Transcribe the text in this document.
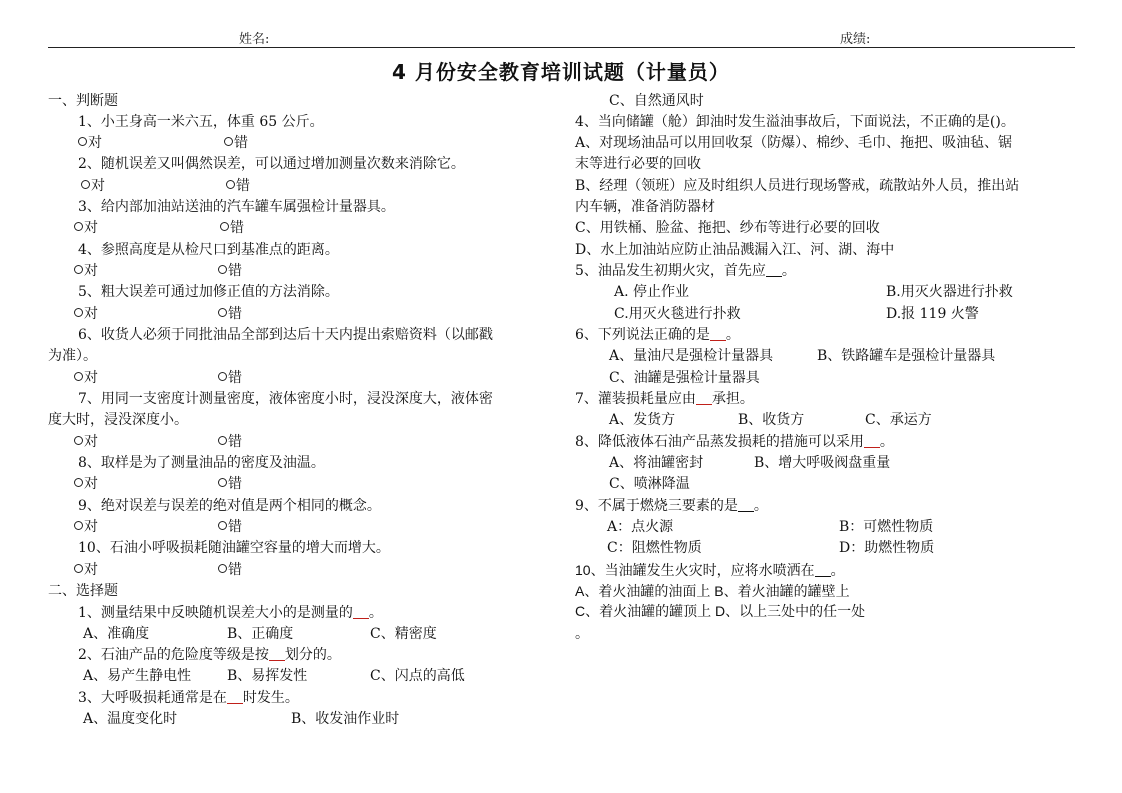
姓名:	成绩:
4 月份安全教育培训试题（计量员）
一、判断题
1、小王身高一米六五，体重 65 公斤。
对	错
2、随机误差又叫偶然误差，可以通过增加测量次数来消除它。
对	错
3、给内部加油站送油的汽车罐车属强检计量器具。
对	错
4、参照高度是从检尺口到基准点的距离。
对	错
5、粗大误差可通过加修正值的方法消除。
对	错
6、收货人必须于同批油品全部到达后十天内提出索赔资料（以邮戳
为准）。
对	错
7、用同一支密度计测量密度，液体密度小时，浸没深度大，液体密
度大时，浸没深度小。
对	错
8、取样是为了测量油品的密度及油温。
对	错
9、绝对误差与误差的绝对值是两个相同的概念。
对	错
10、石油小呼吸损耗随油罐空容量的增大而增大。
对	错
二、选择题
1、测量结果中反映随机误差大小的是测量的 。
A、准确度	B、正确度	C、精密度
2、石油产品的危险度等级是按 划分的。
A、易产生静电性	B、易挥发性	C、闪点的高低
3、大呼吸损耗通常是在 时发生。
A、温度变化时	B、收发油作业时
C、自然通风时
4、当向储罐（舱）卸油时发生溢油事故后，下面说法，不正确的是()。
A、对现场油品可以用回收泵（防爆）、棉纱、毛巾、拖把、吸油毡、锯
末等进行必要的回收
B、经理（领班）应及时组织人员进行现场警戒，疏散站外人员，推出站
内车辆，准备消防器材
C、用铁桶、脸盆、拖把、纱布等进行必要的回收
D、水上加油站应防止油品溅漏入江、河、湖、海中
5、油品发生初期火灾，首先应 。
A. 停止作业	B.用灭火器进行扑救
C.用灭火毯进行扑救	D.报 119 火警
6、下列说法正确的是 。
A、量油尺是强检计量器具	B、铁路罐车是强检计量器具
C、油罐是强检计量器具
7、灌装损耗量应由 承担。
A、发货方	B、收货方	C、承运方
8、降低液体石油产品蒸发损耗的措施可以采用 。
A、将油罐密封	B、增大呼吸阀盘重量
C、喷淋降温
9、不属于燃烧三要素的是 。
A：点火源	B：可燃性物质
C：阻燃性物质	D：助燃性物质
10、当油罐发生火灾时，应将水喷洒在 。
A、着火油罐的油面上 B、着火油罐的罐壁上
C、着火油罐的罐顶上 D、以上三处中的任一处
。
